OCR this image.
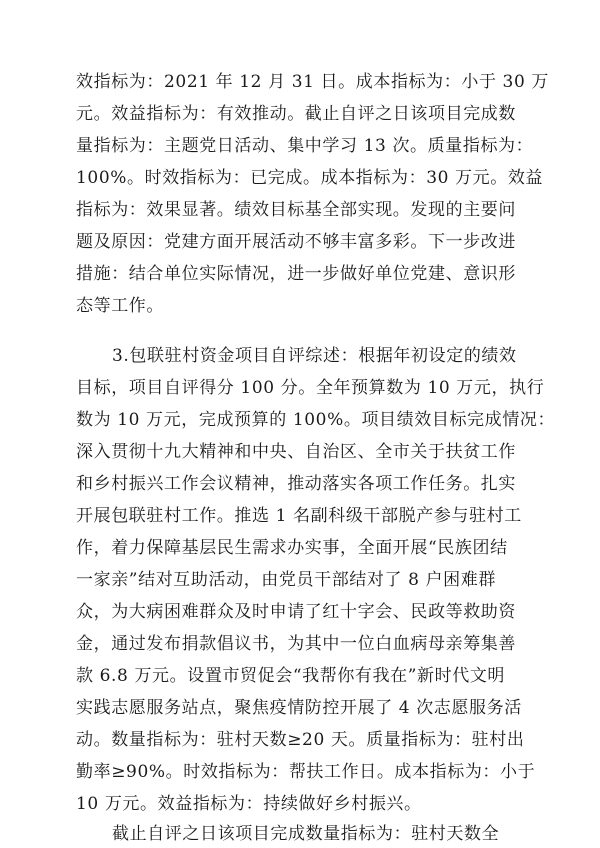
效指标为：2021 年 12 月 31 日。成本指标为：小于 30 万
元。效益指标为：有效推动。截止自评之日该项目完成数
量指标为：主题党日活动、集中学习 13 次。质量指标为：
100%。时效指标为：已完成。成本指标为：30 万元。效益
指标为：效果显著。绩效目标基全部实现。发现的主要问
题及原因：党建方面开展活动不够丰富多彩。下一步改进
措施：结合单位实际情况，进一步做好单位党建、意识形
态等工作。
3.包联驻村资金项目自评综述：根据年初设定的绩效
目标，项目自评得分 100 分。全年预算数为 10 万元，执行
数为 10 万元，完成预算的 100%。项目绩效目标完成情况：
深入贯彻十九大精神和中央、自治区、全市关于扶贫工作
和乡村振兴工作会议精神，推动落实各项工作任务。扎实
开展包联驻村工作。推选 1 名副科级干部脱产参与驻村工
作，着力保障基层民生需求办实事，全面开展“民族团结
一家亲”结对互助活动，由党员干部结对了 8 户困难群
众，为大病困难群众及时申请了红十字会、民政等救助资
金，通过发布捐款倡议书，为其中一位白血病母亲筹集善
款 6.8 万元。设置市贸促会“我帮你有我在”新时代文明
实践志愿服务站点，聚焦疫情防控开展了 4 次志愿服务活
动。数量指标为：驻村天数≥20 天。质量指标为：驻村出
勤率≥90%。时效指标为：帮扶工作日。成本指标为：小于
10 万元。效益指标为：持续做好乡村振兴。
截止自评之日该项目完成数量指标为：驻村天数全
